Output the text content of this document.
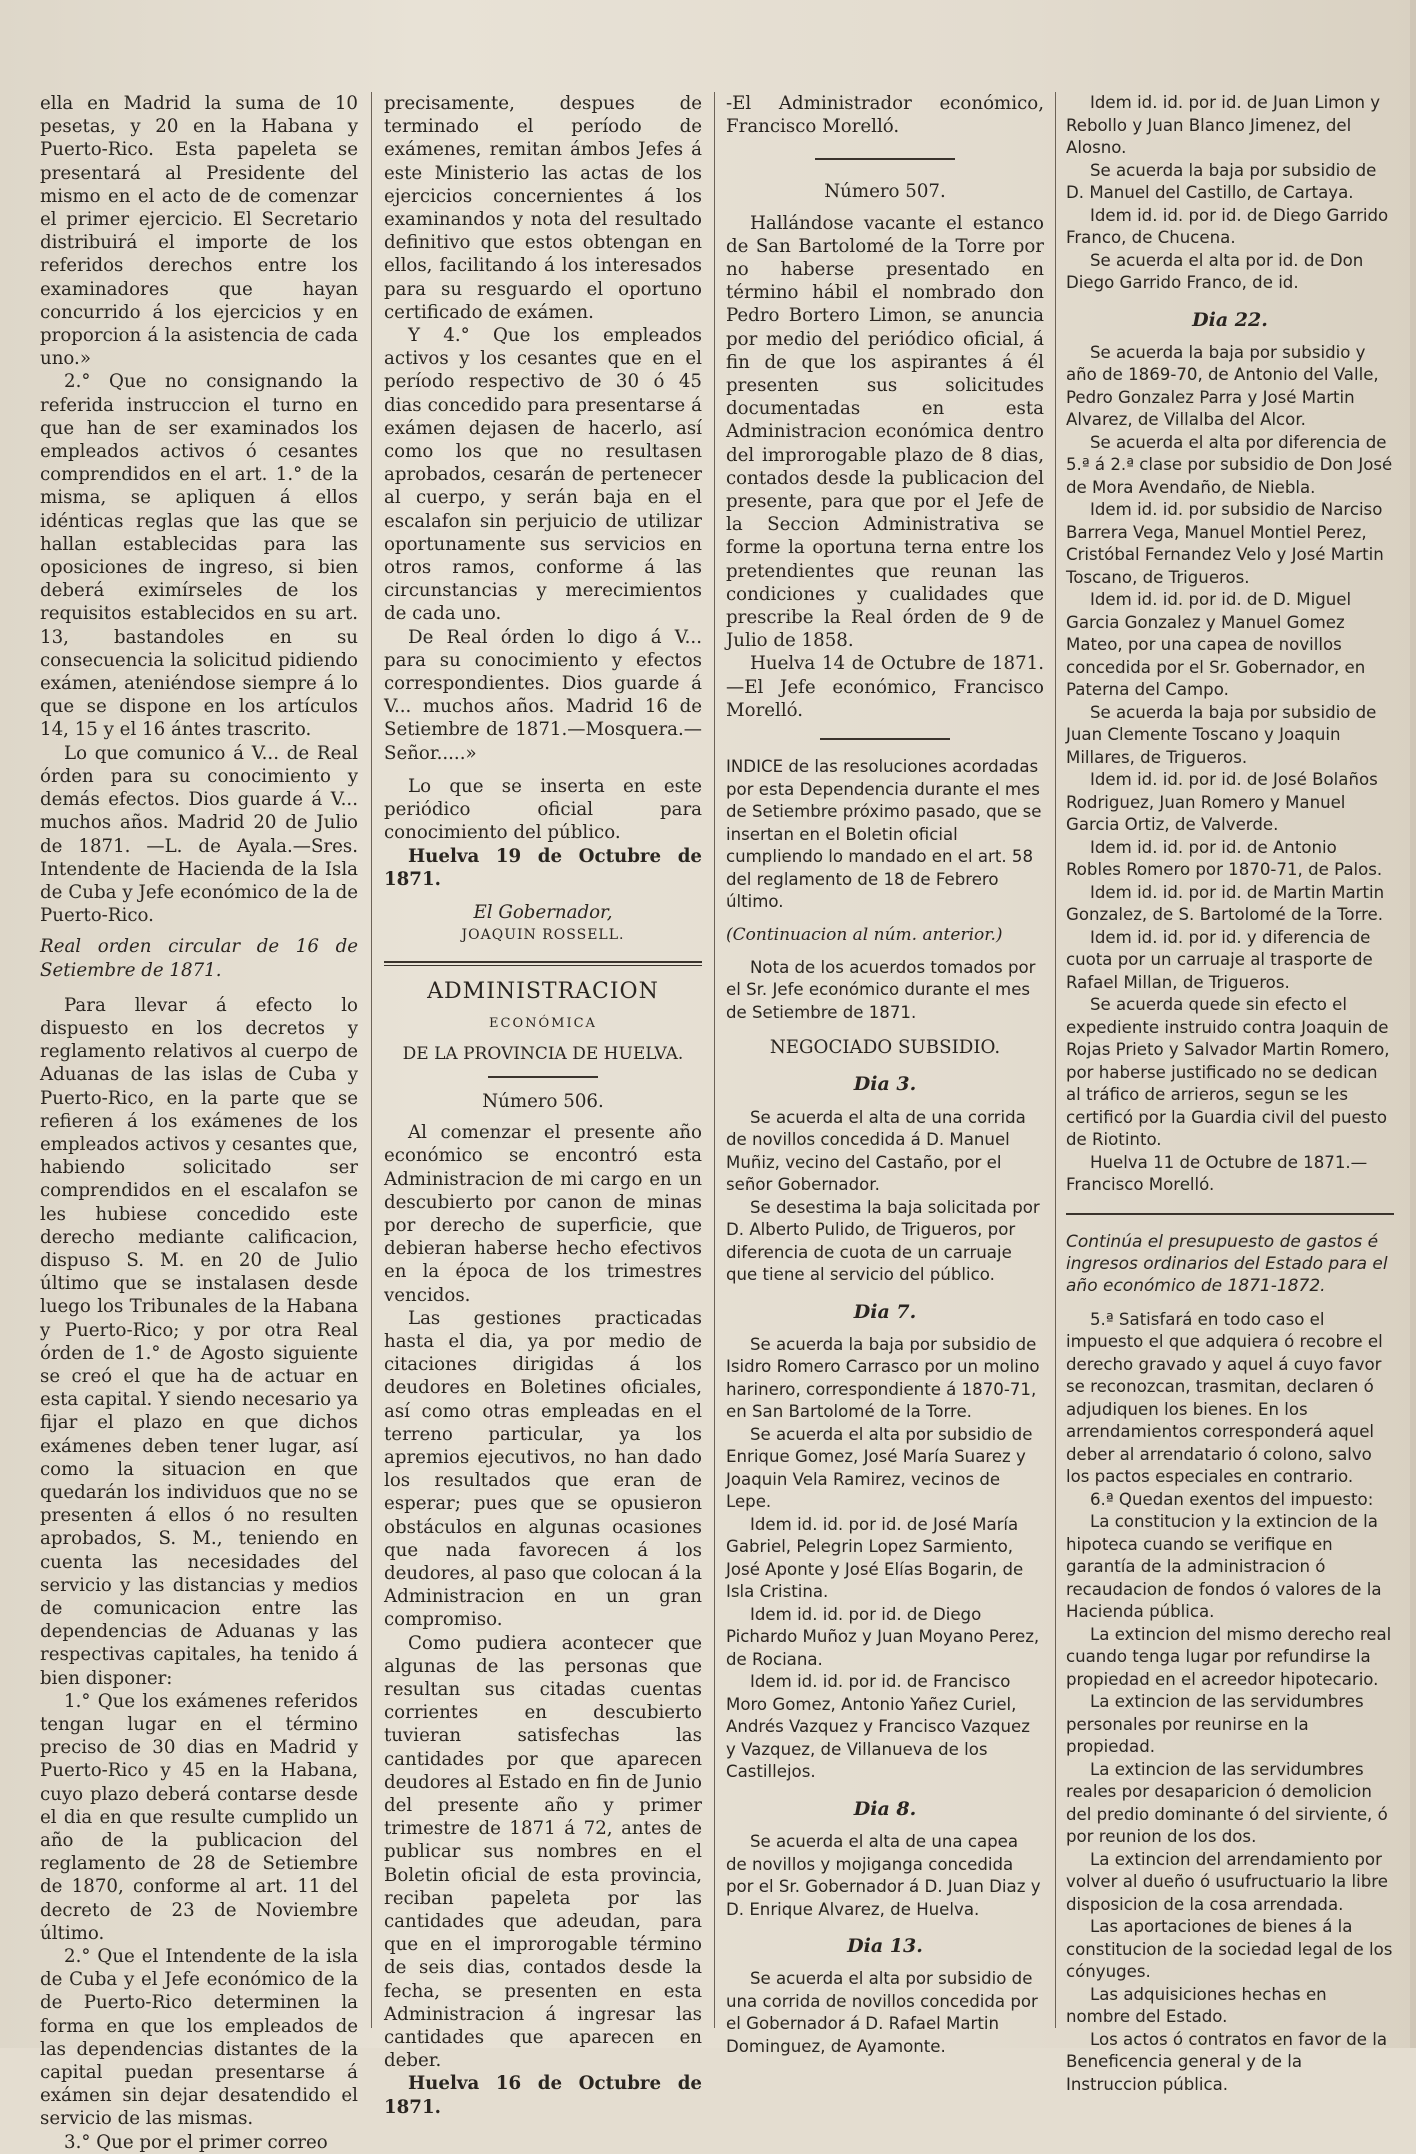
ella en Madrid la suma de 10 pesetas, y 20 en la Habana y Puerto-Rico. Esta papeleta se presentará al Presidente del mismo en el acto de de comenzar el primer ejercicio. El Secretario distribuirá el importe de los referidos derechos entre los examinadores que hayan concurrido á los ejercicios y en proporcion á la asistencia de cada uno.»

2.° Que no consignando la referida instruccion el turno en que han de ser examinados los empleados activos ó cesantes comprendidos en el art. 1.° de la misma, se apliquen á ellos idénticas reglas que las que se hallan establecidas para las oposiciones de ingreso, si bien deberá eximírseles de los requisitos establecidos en su art. 13, bastandoles en su consecuencia la solicitud pidiendo exámen, ateniéndose siempre á lo que se dispone en los artículos 14, 15 y el 16 ántes trascrito.

Lo que comunico á V... de Real órden para su conocimiento y demás efectos. Dios guarde á V... muchos años. Madrid 20 de Julio de 1871. —L. de Ayala.—Sres. Intendente de Hacienda de la Isla de Cuba y Jefe económico de la de Puerto-Rico.

Real orden circular de 16 de Setiembre de 1871.

Para llevar á efecto lo dispuesto en los decretos y reglamento relativos al cuerpo de Aduanas de las islas de Cuba y Puerto-Rico, en la parte que se refieren á los exámenes de los empleados activos y cesantes que, habiendo solicitado ser comprendidos en el escalafon se les hubiese concedido este derecho mediante calificacion, dispuso S. M. en 20 de Julio último que se instalasen desde luego los Tribunales de la Habana y Puerto-Rico; y por otra Real órden de 1.° de Agosto siguiente se creó el que ha de actuar en esta capital. Y siendo necesario ya fijar el plazo en que dichos exámenes deben tener lugar, así como la situacion en que quedarán los individuos que no se presenten á ellos ó no resulten aprobados, S. M., teniendo en cuenta las necesidades del servicio y las distancias y medios de comunicacion entre las dependencias de Aduanas y las respectivas capitales, ha tenido á bien disponer:

1.° Que los exámenes referidos tengan lugar en el término preciso de 30 dias en Madrid y Puerto-Rico y 45 en la Habana, cuyo plazo deberá contarse desde el dia en que resulte cumplido un año de la publicacion del reglamento de 28 de Setiembre de 1870, conforme al art. 11 del decreto de 23 de Noviembre último.

2.° Que el Intendente de la isla de Cuba y el Jefe económico de la de Puerto-Rico determinen la forma en que los empleados de las dependencias distantes de la capital puedan presentarse á exámen sin dejar desatendido el servicio de las mismas.

3.° Que por el primer correo

precisamente, despues de terminado el período de exámenes, remitan ámbos Jefes á este Ministerio las actas de los ejercicios concernientes á los examinandos y nota del resultado definitivo que estos obtengan en ellos, facilitando á los interesados para su resguardo el oportuno certificado de exámen.

Y 4.° Que los empleados activos y los cesantes que en el período respectivo de 30 ó 45 dias concedido para presentarse á exámen dejasen de hacerlo, así como los que no resultasen aprobados, cesarán de pertenecer al cuerpo, y serán baja en el escalafon sin perjuicio de utilizar oportunamente sus servicios en otros ramos, conforme á las circunstancias y merecimientos de cada uno.

De Real órden lo digo á V... para su conocimiento y efectos correspondientes. Dios guarde á V... muchos años. Madrid 16 de Setiembre de 1871.—Mosquera.—Señor.....»

Lo que se inserta en este periódico oficial para conocimiento del público.

Huelva 19 de Octubre de 1871.

El Gobernador,
JOAQUIN ROSSELL.

ADMINISTRACION

ECONÓMICA

DE LA PROVINCIA DE HUELVA.

Número 506.

Al comenzar el presente año económico se encontró esta Administracion de mi cargo en un descubierto por canon de minas por derecho de superficie, que debieran haberse hecho efectivos en la época de los trimestres vencidos.

Las gestiones practicadas hasta el dia, ya por medio de citaciones dirigidas á los deudores en Boletines oficiales, así como otras empleadas en el terreno particular, ya los apremios ejecutivos, no han dado los resultados que eran de esperar; pues que se opusieron obstáculos en algunas ocasiones que nada favorecen á los deudores, al paso que colocan á la Administracion en un gran compromiso.

Como pudiera acontecer que algunas de las personas que resultan sus citadas cuentas corrientes en descubierto tuvieran satisfechas las cantidades por que aparecen deudores al Estado en fin de Junio del presente año y primer trimestre de 1871 á 72, antes de publicar sus nombres en el Boletin oficial de esta provincia, reciban papeleta por las cantidades que adeudan, para que en el improrogable término de seis dias, contados desde la fecha, se presenten en esta Administracion á ingresar las cantidades que aparecen en deber.

Huelva 16 de Octubre de 1871.

-El Administrador económico, Francisco Morelló.

Número 507.

Hallándose vacante el estanco de San Bartolomé de la Torre por no haberse presentado en término hábil el nombrado don Pedro Bortero Limon, se anuncia por medio del periódico oficial, á fin de que los aspirantes á él presenten sus solicitudes documentadas en esta Administracion económica dentro del improrogable plazo de 8 dias, contados desde la publicacion del presente, para que por el Jefe de la Seccion Administrativa se forme la oportuna terna entre los pretendientes que reunan las condiciones y cualidades que prescribe la Real órden de 9 de Julio de 1858.

Huelva 14 de Octubre de 1871. —El Jefe económico, Francisco Morelló.

INDICE de las resoluciones acordadas por esta Dependencia durante el mes de Setiembre próximo pasado, que se insertan en el Boletin oficial cumpliendo lo mandado en el art. 58 del reglamento de 18 de Febrero último.

(Continuacion al núm. anterior.)

Nota de los acuerdos tomados por el Sr. Jefe económico durante el mes de Setiembre de 1871.

NEGOCIADO SUBSIDIO.

Dia 3.

Se acuerda el alta de una corrida de novillos concedida á D. Manuel Muñiz, vecino del Castaño, por el señor Gobernador.

Se desestima la baja solicitada por D. Alberto Pulido, de Trigueros, por diferencia de cuota de un carruaje que tiene al servicio del público.

Dia 7.

Se acuerda la baja por subsidio de Isidro Romero Carrasco por un molino harinero, correspondiente á 1870-71, en San Bartolomé de la Torre.

Se acuerda el alta por subsidio de Enrique Gomez, José María Suarez y Joaquin Vela Ramirez, vecinos de Lepe.

Idem id. id. por id. de José María Gabriel, Pelegrin Lopez Sarmiento, José Aponte y José Elías Bogarin, de Isla Cristina.

Idem id. id. por id. de Diego Pichardo Muñoz y Juan Moyano Perez, de Rociana.

Idem id. id. por id. de Francisco Moro Gomez, Antonio Yañez Curiel, Andrés Vazquez y Francisco Vazquez y Vazquez, de Villanueva de los Castillejos.

Dia 8.

Se acuerda el alta de una capea de novillos y mojiganga concedida por el Sr. Gobernador á D. Juan Diaz y D. Enrique Alvarez, de Huelva.

Dia 13.

Se acuerda el alta por subsidio de una corrida de novillos concedida por el Gobernador á D. Rafael Martin Dominguez, de Ayamonte.

Idem id. id. por id. de Juan Limon y Rebollo y Juan Blanco Jimenez, del Alosno.

Se acuerda la baja por subsidio de D. Manuel del Castillo, de Cartaya.

Idem id. id. por id. de Diego Garrido Franco, de Chucena.

Se acuerda el alta por id. de Don Diego Garrido Franco, de id.

Dia 22.

Se acuerda la baja por subsidio y año de 1869-70, de Antonio del Valle, Pedro Gonzalez Parra y José Martin Alvarez, de Villalba del Alcor.

Se acuerda el alta por diferencia de 5.ª á 2.ª clase por subsidio de Don José de Mora Avendaño, de Niebla.

Idem id. id. por subsidio de Narciso Barrera Vega, Manuel Montiel Perez, Cristóbal Fernandez Velo y José Martin Toscano, de Trigueros.

Idem id. id. por id. de D. Miguel Garcia Gonzalez y Manuel Gomez Mateo, por una capea de novillos concedida por el Sr. Gobernador, en Paterna del Campo.

Se acuerda la baja por subsidio de Juan Clemente Toscano y Joaquin Millares, de Trigueros.

Idem id. id. por id. de José Bolaños Rodriguez, Juan Romero y Manuel Garcia Ortiz, de Valverde.

Idem id. id. por id. de Antonio Robles Romero por 1870-71, de Palos.

Idem id. id. por id. de Martin Martin Gonzalez, de S. Bartolomé de la Torre.

Idem id. id. por id. y diferencia de cuota por un carruaje al trasporte de Rafael Millan, de Trigueros.

Se acuerda quede sin efecto el expediente instruido contra Joaquin de Rojas Prieto y Salvador Martin Romero, por haberse justificado no se dedican al tráfico de arrieros, segun se les certificó por la Guardia civil del puesto de Riotinto.

Huelva 11 de Octubre de 1871.— Francisco Morelló.

Continúa el presupuesto de gastos é ingresos ordinarios del Estado para el año económico de 1871-1872.

5.ª Satisfará en todo caso el impuesto el que adquiera ó recobre el derecho gravado y aquel á cuyo favor se reconozcan, trasmitan, declaren ó adjudiquen los bienes. En los arrendamientos corresponderá aquel deber al arrendatario ó colono, salvo los pactos especiales en contrario.

6.ª Quedan exentos del impuesto:

La constitucion y la extincion de la hipoteca cuando se verifique en garantía de la administracion ó recaudacion de fondos ó valores de la Hacienda pública.

La extincion del mismo derecho real cuando tenga lugar por refundirse la propiedad en el acreedor hipotecario.

La extincion de las servidumbres personales por reunirse en la propiedad.

La extincion de las servidumbres reales por desaparicion ó demolicion del predio dominante ó del sirviente, ó por reunion de los dos.

La extincion del arrendamiento por volver al dueño ó usufructuario la libre disposicion de la cosa arrendada.

Las aportaciones de bienes á la constitucion de la sociedad legal de los cónyuges.

Las adquisiciones hechas en nombre del Estado.

Los actos ó contratos en favor de la Beneficencia general y de la Instruccion pública.
